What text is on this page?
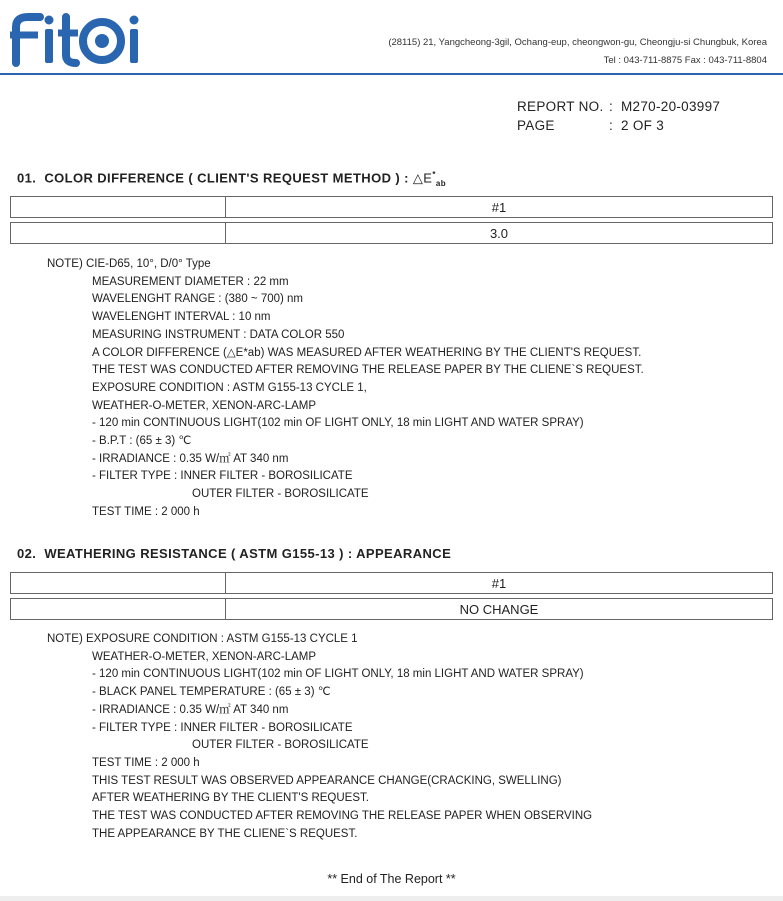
(28115) 21, Yangcheong-3gil, Ochang-eup, cheongwon-gu, Cheongju-si Chungbuk, Korea
Tel : 043-711-8875 Fax : 043-711-8804
REPORT NO. : M270-20-03997
PAGE	: 2 OF 3
01. COLOR DIFFERENCE ( CLIENT'S REQUEST METHOD ) : $\triangle E^*_{ab}$
	#1

	3.0
NOTE) CIE-D65, 10°, D/0° Type
MEASUREMENT DIAMETER : 22 mm
WAVELENGHT RANGE : (380 ~ 700) nm
WAVELENGHT INTERVAL : 10 nm
MEASURING INSTRUMENT : DATA COLOR 550
A COLOR DIFFERENCE (△E*ab) WAS MEASURED AFTER WEATHERING BY THE CLIENT'S REQUEST.
THE TEST WAS CONDUCTED AFTER REMOVING THE RELEASE PAPER BY THE CLIENE`S REQUEST.
EXPOSURE CONDITION : ASTM G155-13 CYCLE 1,
WEATHER-O-METER, XENON-ARC-LAMP
- 120 min CONTINUOUS LIGHT(102 min OF LIGHT ONLY, 18 min LIGHT AND WATER SPRAY)
- B.P.T : (65 ± 3) ℃
- IRRADIANCE : 0.35 W/㎡ AT 340 nm
- FILTER TYPE : INNER FILTER - BOROSILICATE
OUTER FILTER - BOROSILICATE
TEST TIME : 2 000 h
02. WEATHERING RESISTANCE ( ASTM G155-13 ) : APPEARANCE
	#1

	NO CHANGE
NOTE) EXPOSURE CONDITION : ASTM G155-13 CYCLE 1
WEATHER-O-METER, XENON-ARC-LAMP
- 120 min CONTINUOUS LIGHT(102 min OF LIGHT ONLY, 18 min LIGHT AND WATER SPRAY)
- BLACK PANEL TEMPERATURE : (65 ± 3) ℃
- IRRADIANCE : 0.35 W/㎡ AT 340 nm
- FILTER TYPE : INNER FILTER - BOROSILICATE
OUTER FILTER - BOROSILICATE
TEST TIME : 2 000 h
THIS TEST RESULT WAS OBSERVED APPEARANCE CHANGE(CRACKING, SWELLING)
AFTER WEATHERING BY THE CLIENT'S REQUEST.
THE TEST WAS CONDUCTED AFTER REMOVING THE RELEASE PAPER WHEN OBSERVING
THE APPEARANCE BY THE CLIENE`S REQUEST.
** End of The Report **
